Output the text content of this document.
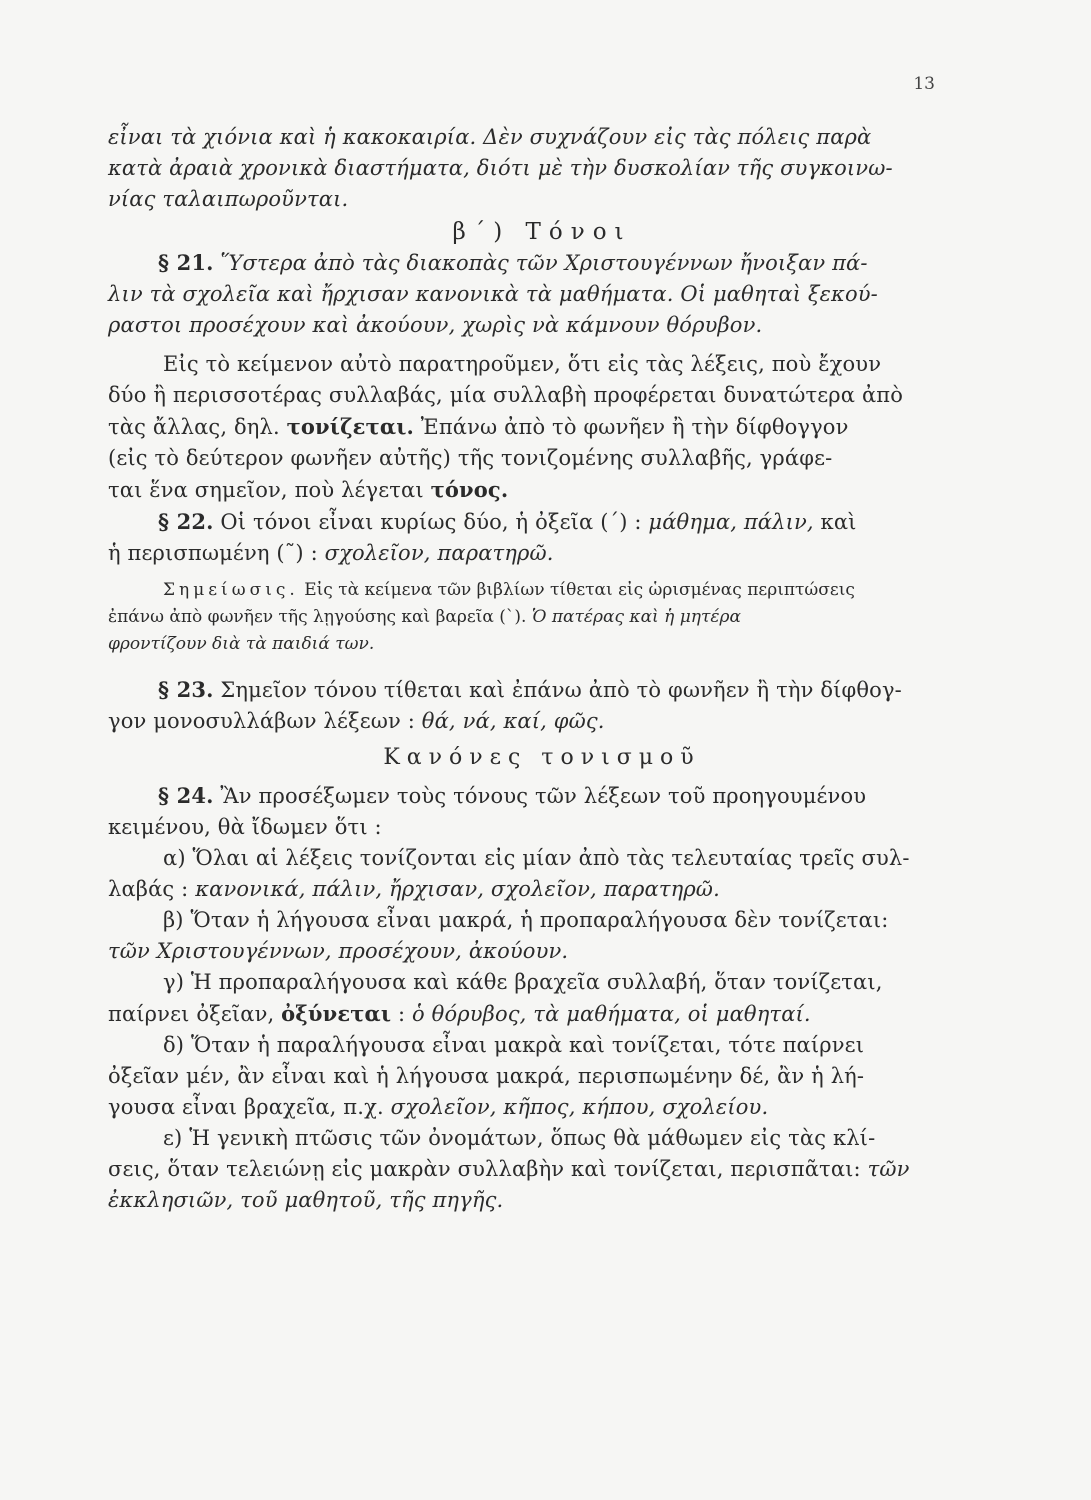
13
εἶναι τὰ χιόνια καὶ ἡ κακοκαιρία. Δὲν συχνάζουν εἰς τὰς πόλεις παρὰ
κατὰ ἀραιὰ χρονικὰ διαστήματα, διότι μὲ τὴν δυσκολίαν τῆς συγκοινω-
νίας ταλαιπωροῦνται.
β΄) Τόνοι
§ 21. Ὕστερα ἀπὸ τὰς διακοπὰς τῶν Χριστουγέννων ἤνοιξαν πά-
λιν τὰ σχολεῖα καὶ ἤρχισαν κανονικὰ τὰ μαθήματα. Οἱ μαθηταὶ ξεκού-
ραστοι προσέχουν καὶ ἀκούουν, χωρὶς νὰ κάμνουν θόρυβον.
Εἰς τὸ κείμενον αὐτὸ παρατηροῦμεν, ὅτι εἰς τὰς λέξεις, ποὺ ἔχουν
δύο ἢ περισσοτέρας συλλαβάς, μία συλλαβὴ προφέρεται δυνατώτερα ἀπὸ
τὰς ἄλλας, δηλ. τονίζεται. Ἐπάνω ἀπὸ τὸ φωνῆεν ἢ τὴν δίφθογγον
(εἰς τὸ δεύτερον φωνῆεν αὐτῆς) τῆς τονιζομένης συλλαβῆς, γράφε-
ται ἕνα σημεῖον, ποὺ λέγεται τόνος.
§ 22. Οἱ τόνοι εἶναι κυρίως δύο, ἡ ὀξεῖα (΄) : μάθημα, πάλιν, καὶ
ἡ περισπωμένη (῀) : σχολεῖον, παρατηρῶ.
Σημείωσις. Εἰς τὰ κείμενα τῶν βιβλίων τίθεται εἰς ὡρισμένας περιπτώσεις
ἐπάνω ἀπὸ φωνῆεν τῆς λῃγούσης καὶ βαρεῖα (`). Ὁ πατέρας καὶ ἡ μητέρα
φροντίζουν διὰ τὰ παιδιά των.
§ 23. Σημεῖον τόνου τίθεται καὶ ἐπάνω ἀπὸ τὸ φωνῆεν ἢ τὴν δίφθογ-
γον μονοσυλλάβων λέξεων : θά, νά, καί, φῶς.
Κανόνες τονισμοῦ
§ 24. Ἂν προσέξωμεν τοὺς τόνους τῶν λέξεων τοῦ προηγουμένου
κειμένου, θὰ ἴδωμεν ὅτι :
α) Ὅλαι αἱ λέξεις τονίζονται εἰς μίαν ἀπὸ τὰς τελευταίας τρεῖς συλ-
λαβάς : κανονικά, πάλιν, ἤρχισαν, σχολεῖον, παρατηρῶ.
β) Ὅταν ἡ λήγουσα εἶναι μακρά, ἡ προπαραλήγουσα δὲν τονίζεται:
τῶν Χριστουγέννων, προσέχουν, ἀκούουν.
γ) Ἡ προπαραλήγουσα καὶ κάθε βραχεῖα συλλαβή, ὅταν τονίζεται,
παίρνει ὀξεῖαν, ὀξύνεται : ὁ θόρυβος, τὰ μαθήματα, οἱ μαθηταί.
δ) Ὅταν ἡ παραλήγουσα εἶναι μακρὰ καὶ τονίζεται, τότε παίρνει
ὀξεῖαν μέν, ἂν εἶναι καὶ ἡ λήγουσα μακρά, περισπωμένην δέ, ἂν ἡ λή-
γουσα εἶναι βραχεῖα, π.χ. σχολεῖον, κῆπος, κήπου, σχολείου.
ε) Ἡ γενικὴ πτῶσις τῶν ὀνομάτων, ὅπως θὰ μάθωμεν εἰς τὰς κλί-
σεις, ὅταν τελειώνῃ εἰς μακρὰν συλλαβὴν καὶ τονίζεται, περισπᾶται: τῶν
ἐκκλησιῶν, τοῦ μαθητοῦ, τῆς πηγῆς.
